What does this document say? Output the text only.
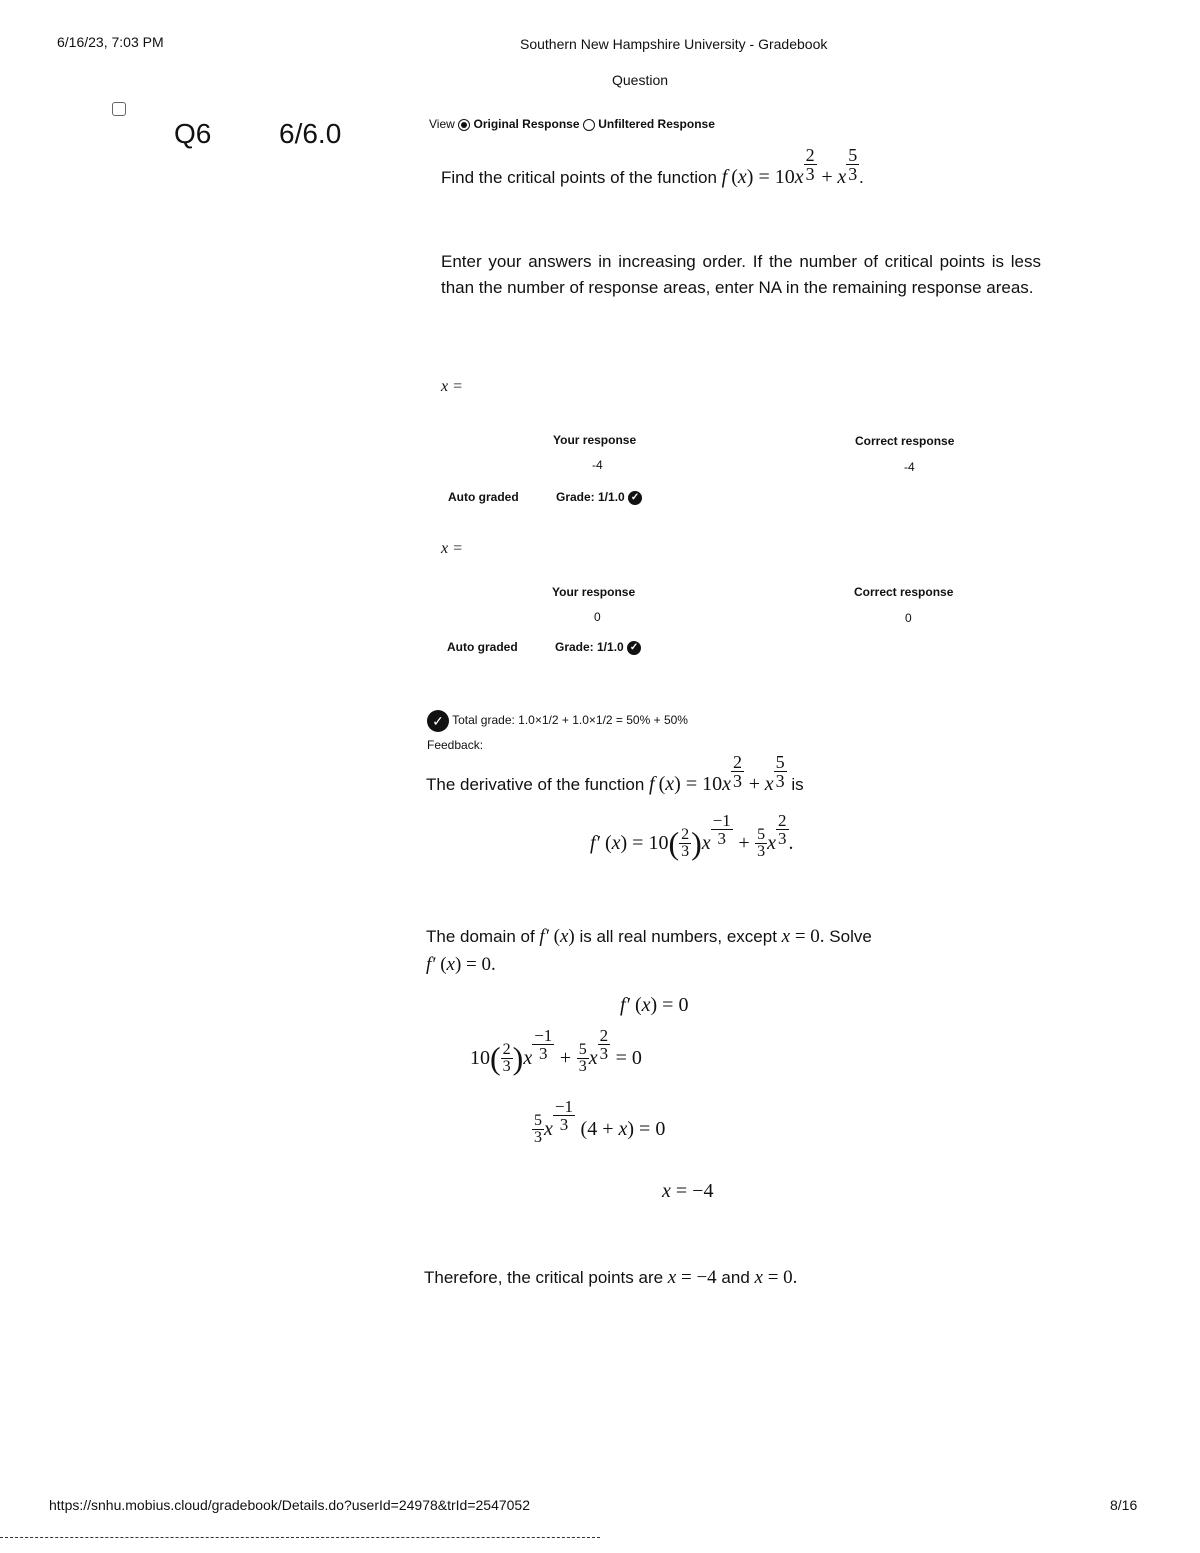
6/16/23, 7:03 PM	Southern New Hampshire University - Gradebook
Question
Q6 6/6.0	View Original Response Unfiltered Response
Find the critical points of the function f $(x) = 10x \frac{2}{3} + x \frac{5}{3}$ .
Enter your answers in increasing order. If the number of critical points is less than the number of response areas, enter NA in the remaining response areas.
x =
Your response	Correct response
-4	-4
Auto graded	Grade: 1/1.0 ✓
x =
Your response	Correct response
0	0
Auto graded	Grade: 1/1.0 ✓
✓ Total grade: 1.0×1/2 + 1.0×1/2 = 50% + 50%
Feedback:
The derivative of the function f $(x) = 10x \frac{2}{3} + x \frac{5}{3}$ is
f′ $(x) = 10( \frac{2}{3} )x \frac{-1}{3} + \frac{5}{3}$ x $\frac{2}{3}$ .
The domain of f′ (x) is all real numbers, except x = 0. Solve
f′ (x) = 0.
f′ (x) = 0
$10( \frac{2}{3} )x \frac{-1}{3} + \frac{5}{3}$ x $\frac{2}{3} = 0$
$\frac{5}{3}$ x $\frac{-1}{3} (4 + x) = 0$
x = −4
Therefore, the critical points are x = −4 and x = 0.
https://snhu.mobius.cloud/gradebook/Details.do?userId=24978&trId=2547052	8/16
